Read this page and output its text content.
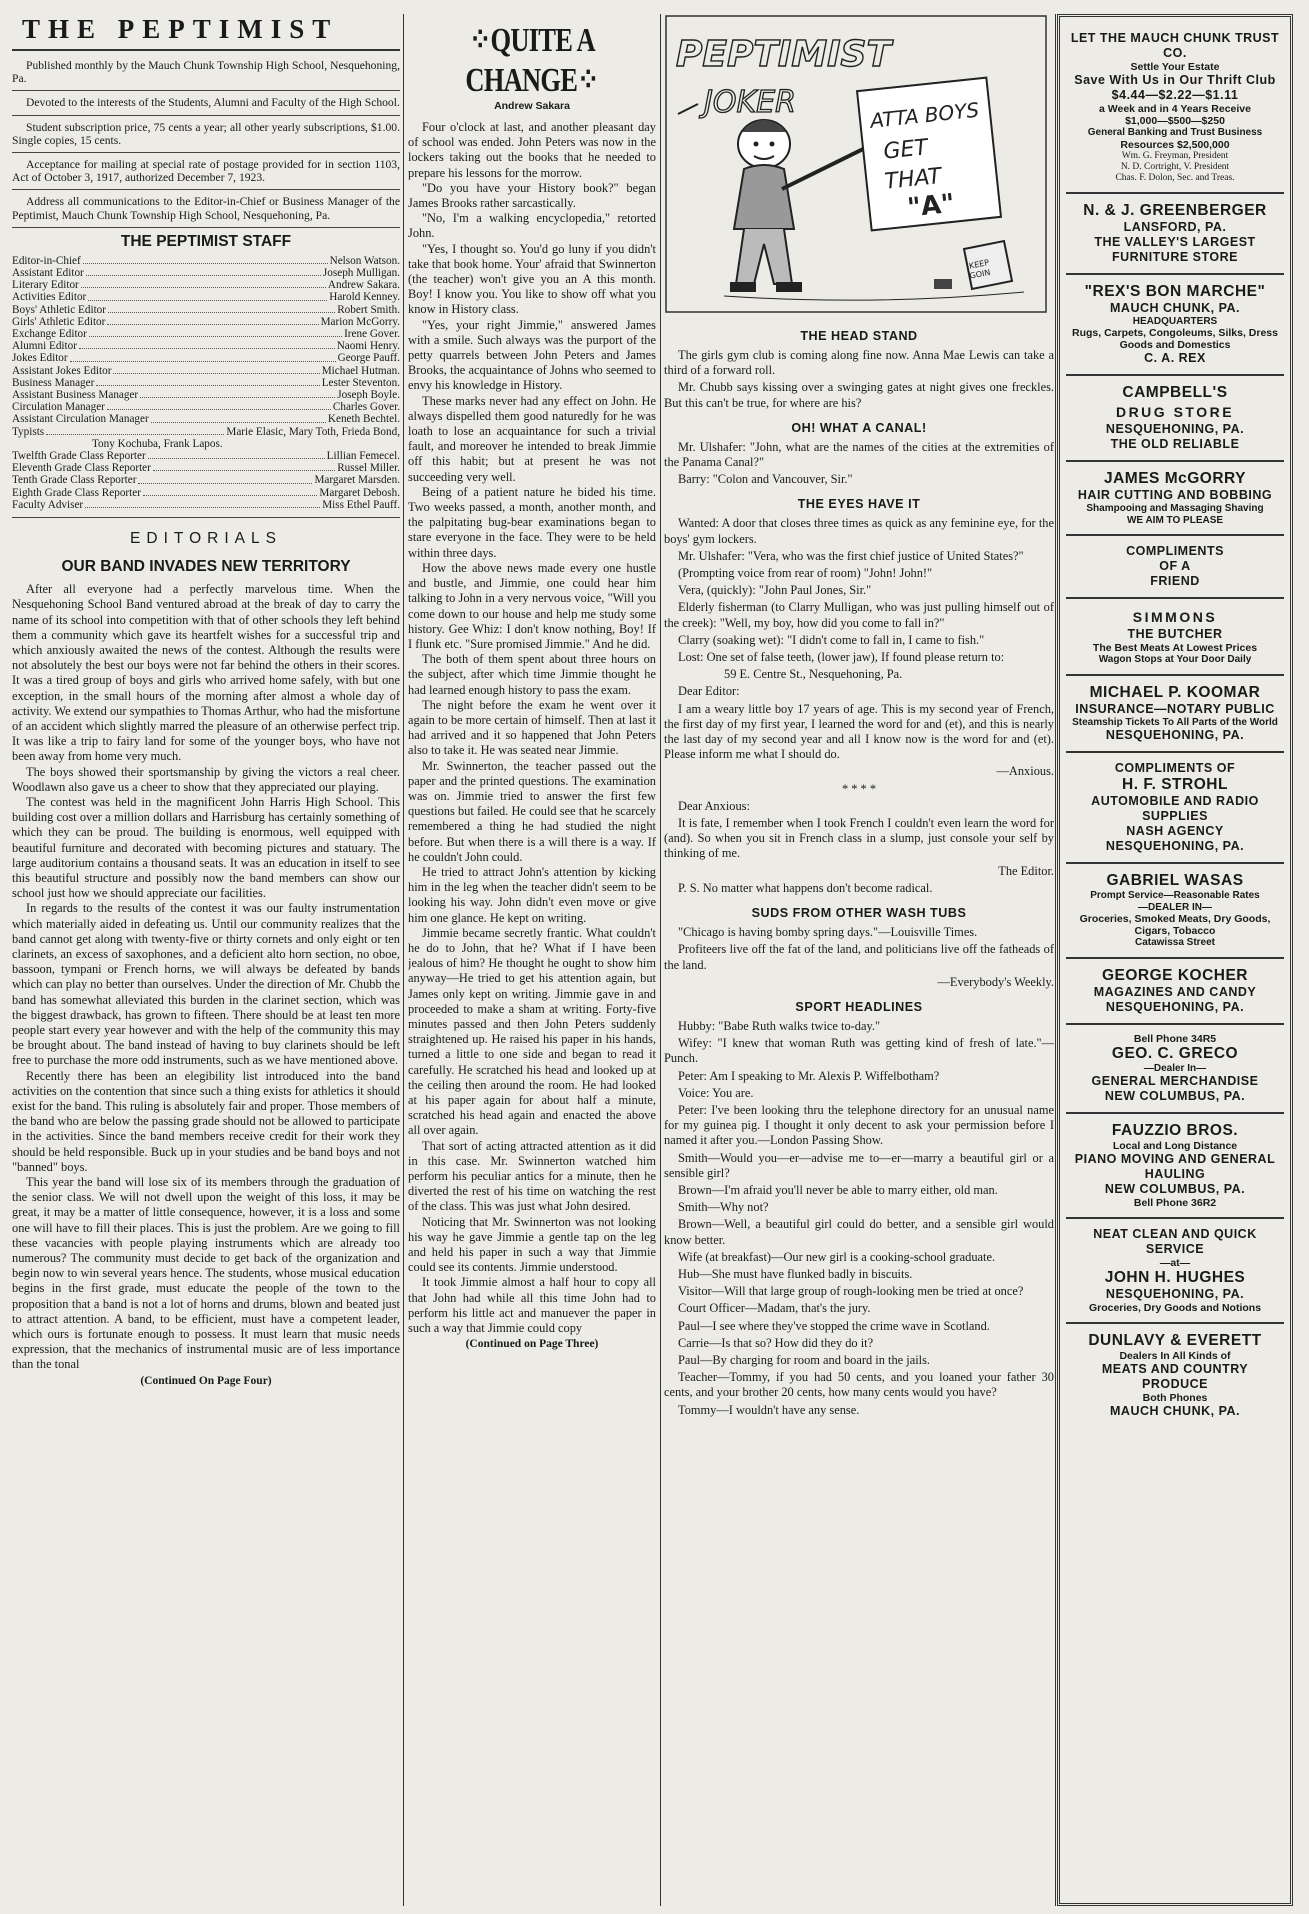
THE PEPTIMIST

Published monthly by the Mauch Chunk Township High School, Nesquehoning, Pa.

Devoted to the interests of the Students, Alumni and Faculty of the High School.

Student subscription price, 75 cents a year; all other yearly subscriptions, $1.00. Single copies, 15 cents.

Acceptance for mailing at special rate of postage provided for in section 1103, Act of October 3, 1917, authorized December 7, 1923.

Address all communications to the Editor-in-Chief or Business Manager of the Peptimist, Mauch Chunk Township High School, Nesquehoning, Pa.

THE PEPTIMIST STAFF
Editor-in-Chief	Nelson Watson.
Assistant Editor	Joseph Mulligan.
Literary Editor	Andrew Sakara.
Activities Editor	Harold Kenney.
Boys' Athletic Editor	Robert Smith.
Girls' Athletic Editor	Marion McGorry.
Exchange Editor	Irene Gover.
Alumni Editor	Naomi Henry.
Jokes Editor	George Pauff.
Assistant Jokes Editor	Michael Hutman.
Business Manager	Lester Steventon.
Assistant Business Manager	Joseph Boyle.
Circulation Manager	Charles Gover.
Assistant Circulation Manager	Keneth Bechtel.
Typists	Marie Elasic, Mary Toth, Frieda Bond,
Tony Kochuba, Frank Lapos.
Twelfth Grade Class Reporter	Lillian Femecel.
Eleventh Grade Class Reporter	Russel Miller.
Tenth Grade Class Reporter	Margaret Marsden.
Eighth Grade Class Reporter	Margaret Debosh.
Faculty Adviser	Miss Ethel Pauff.
EDITORIALS
OUR BAND INVADES NEW TERRITORY

After all everyone had a perfectly marvelous time. When the Nesquehoning School Band ventured abroad at the break of day to carry the name of its school into competition with that of other schools they left behind them a community which gave its heartfelt wishes for a successful trip and which anxiously awaited the news of the contest. Although the results were not absolutely the best our boys were not far behind the others in their scores. It was a tired group of boys and girls who arrived home safely, with but one exception, in the small hours of the morning after almost a whole day of activity. We extend our sympathies to Thomas Arthur, who had the misfortune of an accident which slightly marred the pleasure of an otherwise perfect trip. It was like a trip to fairy land for some of the younger boys, who have not been away from home very much.

The boys showed their sportsmanship by giving the victors a real cheer. Woodlawn also gave us a cheer to show that they appreciated our playing.

The contest was held in the magnificent John Harris High School. This building cost over a million dollars and Harrisburg has certainly something of which they can be proud. The building is enormous, well equipped with beautiful furniture and decorated with becoming pictures and statuary. The large auditorium contains a thousand seats. It was an education in itself to see this beautiful structure and possibly now the band members can show our school just how we should appreciate our facilities.

In regards to the results of the contest it was our faulty instrumentation which materially aided in defeating us. Until our community realizes that the band cannot get along with twenty-five or thirty cornets and only eight or ten clarinets, an excess of saxophones, and a deficient alto horn section, no oboe, bassoon, tympani or French horns, we will always be defeated by bands which can play no better than ourselves. Under the direction of Mr. Chubb the band has somewhat alleviated this burden in the clarinet section, which was the biggest drawback, has grown to fifteen. There should be at least ten more people start every year however and with the help of the community this may be brought about. The band instead of having to buy clarinets should be left free to purchase the more odd instruments, such as we have mentioned above.

Recently there has been an elegibility list introduced into the band activities on the contention that since such a thing exists for athletics it should exist for the band. This ruling is absolutely fair and proper. Those members of the band who are below the passing grade should not be allowed to participate in the activities. Since the band members receive credit for their work they should be held responsible. Buck up in your studies and be band boys and not "banned" boys.

This year the band will lose six of its members through the graduation of the senior class. We will not dwell upon the weight of this loss, it may be great, it may be a matter of little consequence, however, it is a loss and some one will have to fill their places. This is just the problem. Are we going to fill these vacancies with people playing instruments which are already too numerous? The community must decide to get back of the organization and begin now to win several years hence. The students, whose musical education begins in the first grade, must educate the people of the town to the proposition that a band is not a lot of horns and drums, blown and beated just to attract attention. A band, to be efficient, must have a competent leader, which ours is fortunate enough to possess. It must learn that music needs expression, that the mechanics of instrumental music are of less importance than the tonal

(Continued On Page Four)
⁘QUITE A CHANGE⁘
Andrew Sakara

Four o'clock at last, and another pleasant day of school was ended. John Peters was now in the lockers taking out the books that he needed to prepare his lessons for the morrow.

"Do you have your History book?" began James Brooks rather sarcastically.

"No, I'm a walking encyclopedia," retorted John.

"Yes, I thought so. You'd go luny if you didn't take that book home. Your' afraid that Swinnerton (the teacher) won't give you an A this month. Boy! I know you. You like to show off what you know in History class.

"Yes, your right Jimmie," answered James with a smile. Such always was the purport of the petty quarrels between John Peters and James Brooks, the acquaintance of Johns who seemed to envy his knowledge in History.

These marks never had any effect on John. He always dispelled them good naturedly for he was loath to lose an acquaintance for such a trivial fault, and moreover he intended to break Jimmie off this habit; but at present he was not succeeding very well.

Being of a patient nature he bided his time. Two weeks passed, a month, another month, and the palpitating bug-bear examinations began to stare everyone in the face. They were to be held within three days.

How the above news made every one hustle and bustle, and Jimmie, one could hear him talking to John in a very nervous voice, "Will you come down to our house and help me study some history. Gee Whiz: I don't know nothing, Boy! If I flunk etc. "Sure promised Jimmie." And he did.

The both of them spent about three hours on the subject, after which time Jimmie thought he had learned enough history to pass the exam.

The night before the exam he went over it again to be more certain of himself. Then at last it had arrived and it so happened that John Peters also to take it. He was seated near Jimmie.

Mr. Swinnerton, the teacher passed out the paper and the printed questions. The examination was on. Jimmie tried to answer the first few questions but failed. He could see that he scarcely remembered a thing he had studied the night before. But when there is a will there is a way. If he couldn't John could.

He tried to attract John's attention by kicking him in the leg when the teacher didn't seem to be looking his way. John didn't even move or give him one glance. He kept on writing.

Jimmie became secretly frantic. What couldn't he do to John, that he? What if I have been jealous of him? He thought he ought to show him anyway—He tried to get his attention again, but James only kept on writing. Jimmie gave in and proceeded to make a sham at writing. Forty-five minutes passed and then John Peters suddenly straightened up. He raised his paper in his hands, turned a little to one side and began to read it carefully. He scratched his head and looked up at the ceiling then around the room. He had looked at his paper again for about half a minute, scratched his head again and enacted the above all over again.

That sort of acting attracted attention as it did in this case. Mr. Swinnerton watched him perform his peculiar antics for a minute, then he diverted the rest of his time on watching the rest of the class. This was just what John desired.

Noticing that Mr. Swinnerton was not looking his way he gave Jimmie a gentle tap on the leg and held his paper in such a way that Jimmie could see its contents. Jimmie understood.

It took Jimmie almost a half hour to copy all that John had while all this time John had to perform his little act and manuever the paper in such a way that Jimmie could copy

(Continued on Page Three)
PEPTIMIST
JOKER	ATTA BOYS
GET
THAT
"A"
KEEP
GOIN
THE HEAD STAND

The girls gym club is coming along fine now. Anna Mae Lewis can take a third of a forward roll.

Mr. Chubb says kissing over a swinging gates at night gives one freckles. But this can't be true, for where are his?

OH! WHAT A CANAL!

Mr. Ulshafer: "John, what are the names of the cities at the extremities of the Panama Canal?"

Barry: "Colon and Vancouver, Sir."

THE EYES HAVE IT

Wanted: A door that closes three times as quick as any feminine eye, for the boys' gym lockers.

Mr. Ulshafer: "Vera, who was the first chief justice of United States?"

(Prompting voice from rear of room) "John! John!"

Vera, (quickly): "John Paul Jones, Sir."

Elderly fisherman (to Clarry Mulligan, who was just pulling himself out of the creek): "Well, my boy, how did you come to fall in?"

Clarry (soaking wet): "I didn't come to fall in, I came to fish."

Lost: One set of false teeth, (lower jaw), If found please return to:

59 E. Centre St., Nesquehoning, Pa.

Dear Editor:

I am a weary little boy 17 years of age. This is my second year of French, the first day of my first year, I learned the word for and (et), and this is nearly the last day of my second year and all I know now is the word for and (et). Please inform me what I should do.

—Anxious.

* * * *

Dear Anxious:

It is fate, I remember when I took French I couldn't even learn the word for (and). So when you sit in French class in a slump, just console your self by thinking of me.

The Editor.

P. S. No matter what happens don't become radical.

SUDS FROM OTHER WASH TUBS

"Chicago is having bomby spring days."—Louisville Times.

Profiteers live off the fat of the land, and politicians live off the fatheads of the land.

—Everybody's Weekly.

SPORT HEADLINES

Hubby: "Babe Ruth walks twice to-day."

Wifey: "I knew that woman Ruth was getting kind of fresh of late."—Punch.

Peter: Am I speaking to Mr. Alexis P. Wiffelbotham?

Voice: You are.

Peter: I've been looking thru the telephone directory for an unusual name for my guinea pig. I thought it only decent to ask your permission before I named it after you.—London Passing Show.

Smith—Would you—er—advise me to—er—marry a beautiful girl or a sensible girl?

Brown—I'm afraid you'll never be able to marry either, old man.

Smith—Why not?

Brown—Well, a beautiful girl could do better, and a sensible girl would know better.

Wife (at breakfast)—Our new girl is a cooking-school graduate.

Hub—She must have flunked badly in biscuits.

Visitor—Will that large group of rough-looking men be tried at once?

Court Officer—Madam, that's the jury.

Paul—I see where they've stopped the crime wave in Scotland.

Carrie—Is that so? How did they do it?

Paul—By charging for room and board in the jails.

Teacher—Tommy, if you had 50 cents, and you loaned your father 30 cents, and your brother 20 cents, how many cents would you have?

Tommy—I wouldn't have any sense.

LET THE MAUCH CHUNK TRUST CO.
Settle Your Estate
Save With Us in Our Thrift Club
$4.44—$2.22—$1.11
a Week and in 4 Years Receive
$1,000—$500—$250
General Banking and Trust Business
Resources $2,500,000
Wm. G. Freyman, President
N. D. Cortright, V. President
Chas. F. Dolon, Sec. and Treas.
N. & J. GREENBERGER
LANSFORD, PA.
THE VALLEY'S LARGEST
FURNITURE STORE
"REX'S BON MARCHE"
MAUCH CHUNK, PA.
HEADQUARTERS
Rugs, Carpets, Congoleums, Silks, Dress Goods and Domestics
C. A. REX
CAMPBELL'S
DRUG STORE
NESQUEHONING, PA.
THE OLD RELIABLE
JAMES McGORRY
HAIR CUTTING AND BOBBING
Shampooing and Massaging Shaving
WE AIM TO PLEASE
COMPLIMENTS
OF A
FRIEND
SIMMONS
THE BUTCHER
The Best Meats At Lowest Prices
Wagon Stops at Your Door Daily
MICHAEL P. KOOMAR
INSURANCE—NOTARY PUBLIC
Steamship Tickets To All Parts of the World
NESQUEHONING, PA.
COMPLIMENTS OF
H. F. STROHL
AUTOMOBILE AND RADIO SUPPLIES
NASH AGENCY
NESQUEHONING, PA.
GABRIEL WASAS
Prompt Service—Reasonable Rates
—DEALER IN—
Groceries, Smoked Meats, Dry Goods, Cigars, Tobacco
Catawissa Street
GEORGE KOCHER
MAGAZINES AND CANDY
NESQUEHONING, PA.
Bell Phone 34R5
GEO. C. GRECO
—Dealer In—
GENERAL MERCHANDISE
NEW COLUMBUS, PA.
FAUZZIO BROS.
Local and Long Distance
PIANO MOVING AND GENERAL HAULING
NEW COLUMBUS, PA.
Bell Phone 36R2
NEAT CLEAN AND QUICK SERVICE
—at—
JOHN H. HUGHES
NESQUEHONING, PA.
Groceries, Dry Goods and Notions
DUNLAVY & EVERETT
Dealers In All Kinds of
MEATS AND COUNTRY PRODUCE
Both Phones
MAUCH CHUNK, PA.
